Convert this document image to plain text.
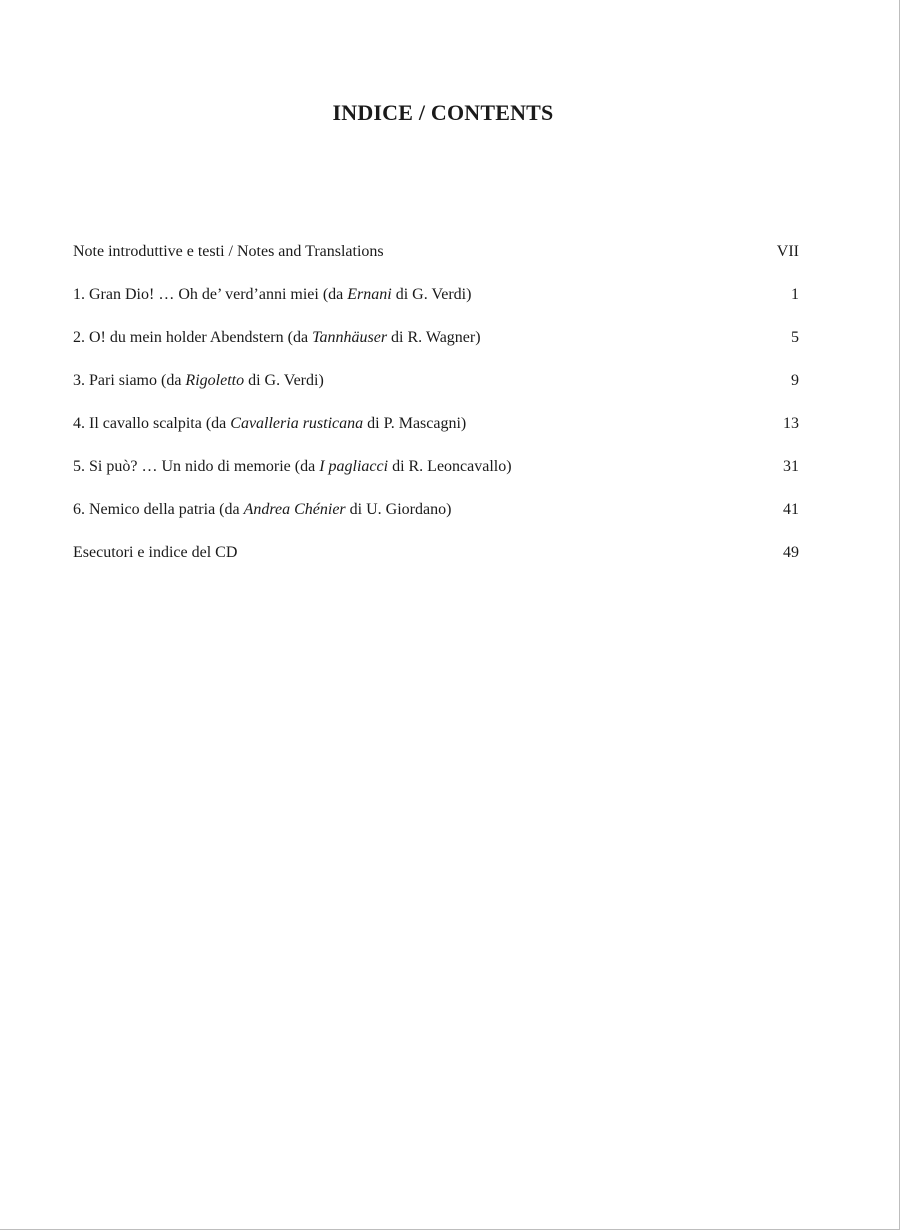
INDICE / CONTENTS
Note introduttive e testi / Notes and Translations	VII
1. Gran Dio! … Oh de’ verd’anni miei (da Ernani di G. Verdi)	1
2. O! du mein holder Abendstern (da Tannhäuser di R. Wagner)	5
3. Pari siamo (da Rigoletto di G. Verdi)	9
4. Il cavallo scalpita (da Cavalleria rusticana di P. Mascagni)	13
5. Si può? … Un nido di memorie (da I pagliacci di R. Leoncavallo)	31
6. Nemico della patria (da Andrea Chénier di U. Giordano)	41
Esecutori e indice del CD	49
